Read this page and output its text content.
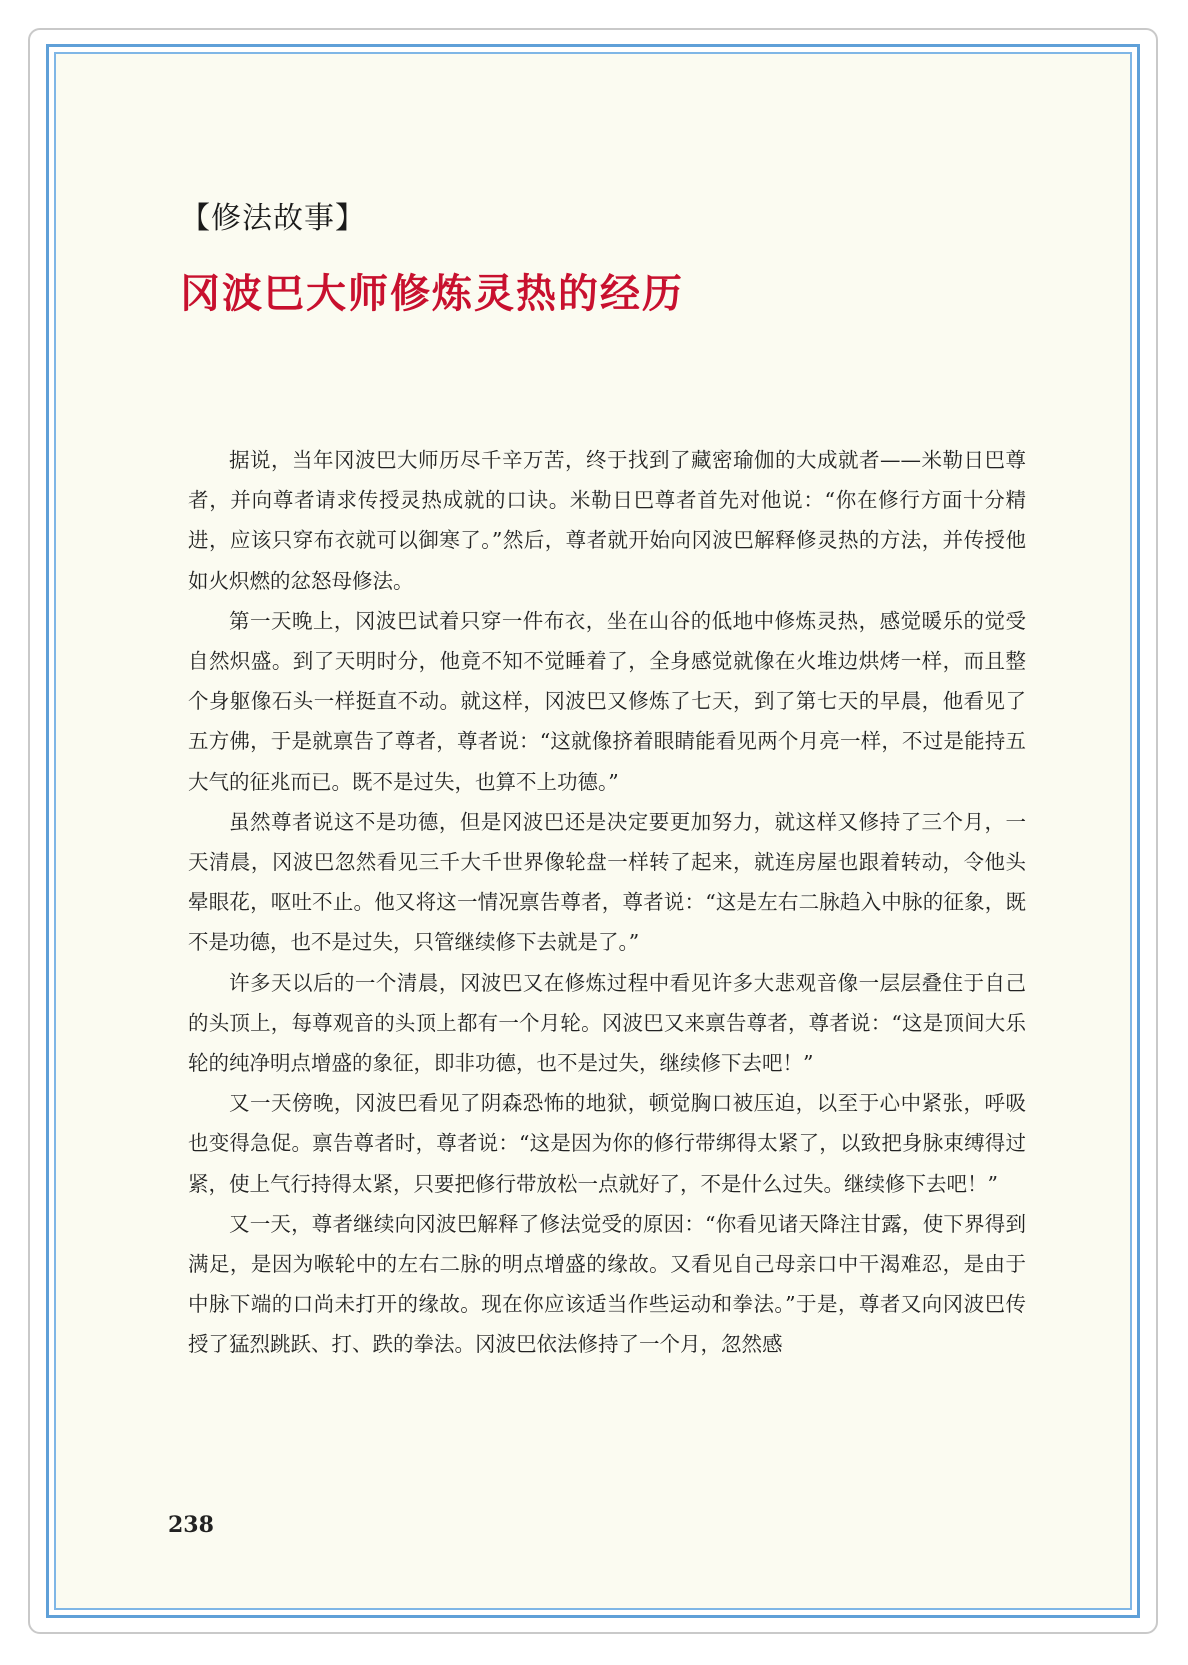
【修法故事】
冈波巴大师修炼灵热的经历

据说，当年冈波巴大师历尽千辛万苦，终于找到了藏密瑜伽的大成就者——米勒日巴尊者，并向尊者请求传授灵热成就的口诀。米勒日巴尊者首先对他说：“你在修行方面十分精进，应该只穿布衣就可以御寒了。”然后，尊者就开始向冈波巴解释修灵热的方法，并传授他如火炽燃的忿怒母修法。

第一天晚上，冈波巴试着只穿一件布衣，坐在山谷的低地中修炼灵热，感觉暖乐的觉受自然炽盛。到了天明时分，他竟不知不觉睡着了，全身感觉就像在火堆边烘烤一样，而且整个身躯像石头一样挺直不动。就这样，冈波巴又修炼了七天，到了第七天的早晨，他看见了五方佛，于是就禀告了尊者，尊者说：“这就像挤着眼睛能看见两个月亮一样，不过是能持五大气的征兆而已。既不是过失，也算不上功德。”

虽然尊者说这不是功德，但是冈波巴还是决定要更加努力，就这样又修持了三个月，一天清晨，冈波巴忽然看见三千大千世界像轮盘一样转了起来，就连房屋也跟着转动，令他头晕眼花，呕吐不止。他又将这一情况禀告尊者，尊者说：“这是左右二脉趋入中脉的征象，既不是功德，也不是过失，只管继续修下去就是了。”

许多天以后的一个清晨，冈波巴又在修炼过程中看见许多大悲观音像一层层叠住于自己的头顶上，每尊观音的头顶上都有一个月轮。冈波巴又来禀告尊者，尊者说：“这是顶间大乐轮的纯净明点增盛的象征，即非功德，也不是过失，继续修下去吧！”

又一天傍晚，冈波巴看见了阴森恐怖的地狱，顿觉胸口被压迫，以至于心中紧张，呼吸也变得急促。禀告尊者时，尊者说：“这是因为你的修行带绑得太紧了，以致把身脉束缚得过紧，使上气行持得太紧，只要把修行带放松一点就好了，不是什么过失。继续修下去吧！”

又一天，尊者继续向冈波巴解释了修法觉受的原因：“你看见诸天降注甘露，使下界得到满足，是因为喉轮中的左右二脉的明点增盛的缘故。又看见自己母亲口中干渴难忍，是由于中脉下端的口尚未打开的缘故。现在你应该适当作些运动和拳法。”于是，尊者又向冈波巴传授了猛烈跳跃、打、跌的拳法。冈波巴依法修持了一个月，忽然感

238
